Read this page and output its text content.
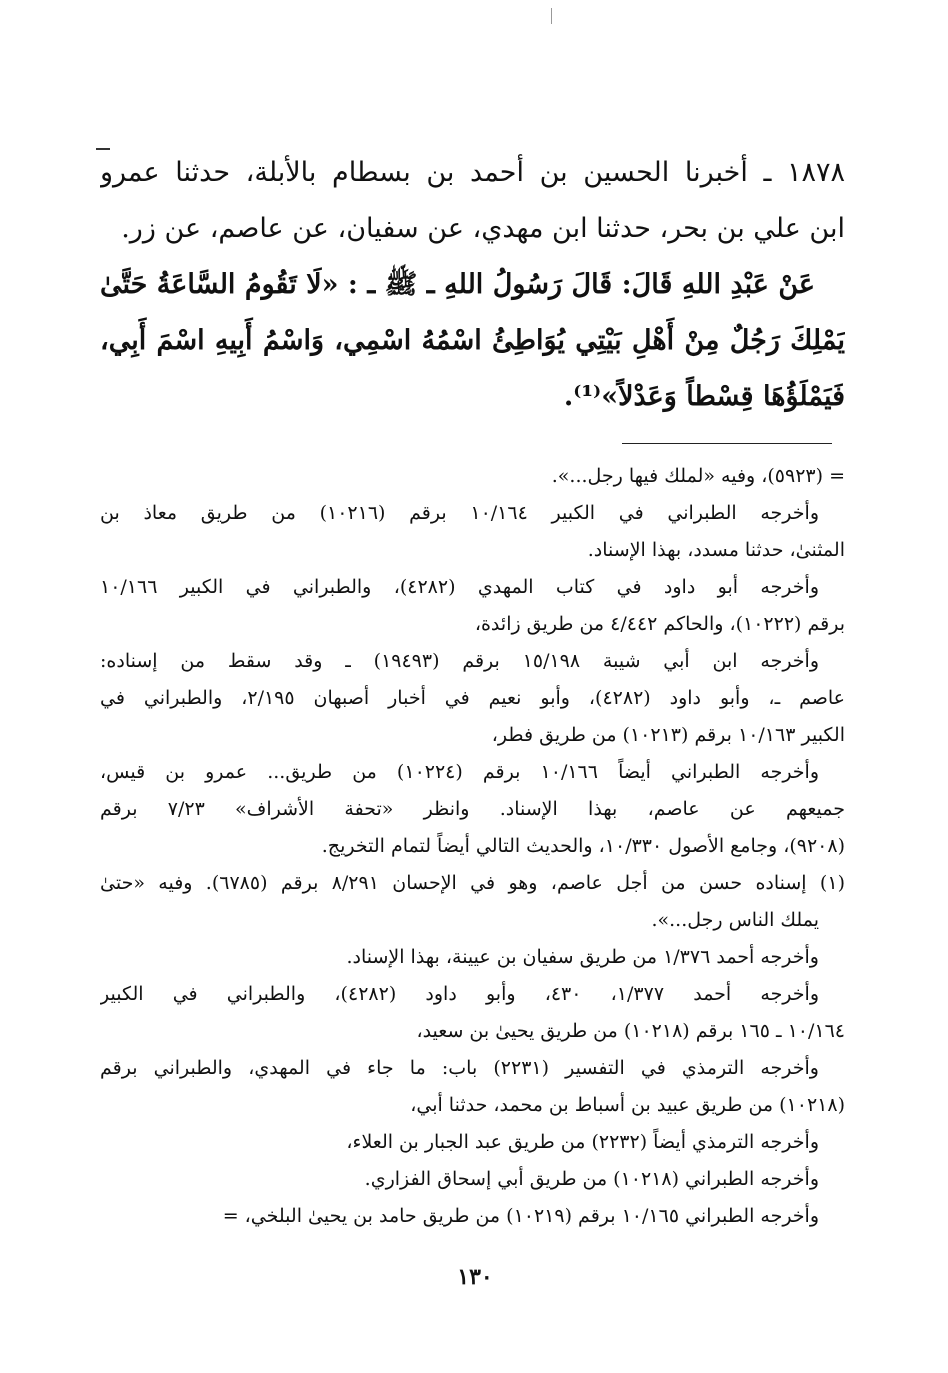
١٨٧٨ ـ أخبرنا الحسين بن أحمد بن بسطام بالأبلة، حدثنا عمرو
ابن علي بن بحر، حدثنا ابن مهدي، عن سفيان، عن عاصم، عن زر.
عَنْ عَبْدِ اللهِ قَالَ: قَالَ رَسُولُ اللهِ ـ ﷺ ـ : «لَا تَقُومُ السَّاعَةُ حَتَّىٰ
يَمْلِكَ رَجُلٌ مِنْ أَهْلِ بَيْتِي يُوَاطِئُ اسْمُهُ اسْمِي، وَاسْمُ أَبِيهِ اسْمَ أَبِي،
فَيَمْلَؤُهَا قِسْطاً وَعَدْلاً»⁽¹⁾.
= (٥٩٢٣)، وفيه «لملك فيها رجل...».
وأخرجه الطبراني في الكبير ١٠/١٦٤ برقم (١٠٢١٦) من طريق معاذ بن
المثنىٰ، حدثنا مسدد، بهذا الإسناد.
وأخرجه أبو داود في كتاب المهدي (٤٢٨٢)، والطبراني في الكبير ١٠/١٦٦
برقم (١٠٢٢٢)، والحاكم ٤/٤٤٢ من طريق زائدة،
وأخرجه ابن أبي شيبة ١٥/١٩٨ برقم (١٩٤٩٣) ـ وقد سقط من إسناده:
عاصم ـ، وأبو داود (٤٢٨٢)، وأبو نعيم في أخبار أصبهان ٢/١٩٥، والطبراني في
الكبير ١٠/١٦٣ برقم (١٠٢١٣) من طريق فطر،
وأخرجه الطبراني أيضاً ١٠/١٦٦ برقم (١٠٢٢٤) من طريق... عمرو بن قيس،
جميعهم عن عاصم، بهذا الإسناد. وانظر «تحفة الأشراف» ٧/٢٣ برقم
(٩٢٠٨)، وجامع الأصول ١٠/٣٣٠، والحديث التالي أيضاً لتمام التخريج.
(١) إسناده حسن من أجل عاصم، وهو في الإحسان ٨/٢٩١ برقم (٦٧٨٥). وفيه «حتىٰ
يملك الناس رجل...».
وأخرجه أحمد ١/٣٧٦ من طريق سفيان بن عيينة، بهذا الإسناد.
وأخرجه أحمد ١/٣٧٧، ٤٣٠، وأبو داود (٤٢٨٢)، والطبراني في الكبير
١٠/١٦٤ ـ ١٦٥ برقم (١٠٢١٨) من طريق يحيىٰ بن سعيد،
وأخرجه الترمذي في التفسير (٢٢٣١) باب: ما جاء في المهدي، والطبراني برقم
(١٠٢١٨) من طريق عبيد بن أسباط بن محمد، حدثنا أبي،
وأخرجه الترمذي أيضاً (٢٢٣٢) من طريق عبد الجبار بن العلاء،
وأخرجه الطبراني (١٠٢١٨) من طريق أبي إسحاق الفزاري.
وأخرجه الطبراني ١٠/١٦٥ برقم (١٠٢١٩) من طريق حامد بن يحيىٰ البلخي، =
١٣٠
